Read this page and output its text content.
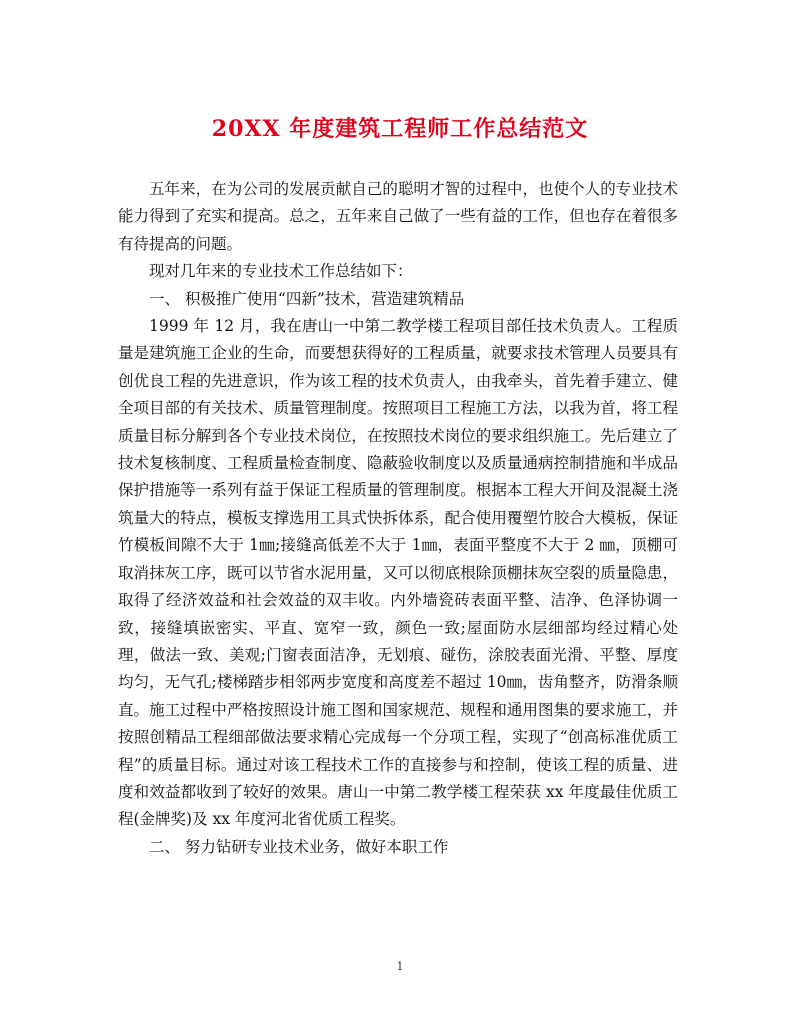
20XX 年度建筑工程师工作总结范文

五年来，在为公司的发展贡献自己的聪明才智的过程中，也使个人的专业技术能力得到了充实和提高。总之，五年来自己做了一些有益的工作，但也存在着很多有待提高的问题。

现对几年来的专业技术工作总结如下：

一、 积极推广使用“四新”技术，营造建筑精品

1999 年 12 月，我在唐山一中第二教学楼工程项目部任技术负责人。工程质量是建筑施工企业的生命，而要想获得好的工程质量，就要求技术管理人员要具有创优良工程的先进意识，作为该工程的技术负责人，由我牵头，首先着手建立、健全项目部的有关技术、质量管理制度。按照项目工程施工方法，以我为首，将工程质量目标分解到各个专业技术岗位，在按照技术岗位的要求组织施工。先后建立了技术复核制度、工程质量检查制度、隐蔽验收制度以及质量通病控制措施和半成品保护措施等一系列有益于保证工程质量的管理制度。根据本工程大开间及混凝土浇筑量大的特点，模板支撑选用工具式快拆体系，配合使用覆塑竹胶合大模板，保证竹模板间隙不大于 1㎜;接缝高低差不大于 1㎜，表面平整度不大于 2 ㎜，顶棚可取消抹灰工序，既可以节省水泥用量，又可以彻底根除顶棚抹灰空裂的质量隐患，取得了经济效益和社会效益的双丰收。内外墙瓷砖表面平整、洁净、色泽协调一致，接缝填嵌密实、平直、宽窄一致，颜色一致;屋面防水层细部均经过精心处理，做法一致、美观;门窗表面洁净，无划痕、碰伤，涂胶表面光滑、平整、厚度均匀，无气孔;楼梯踏步相邻两步宽度和高度差不超过 10㎜，齿角整齐，防滑条顺直。施工过程中严格按照设计施工图和国家规范、规程和通用图集的要求施工，并按照创精品工程细部做法要求精心完成每一个分项工程，实现了“创高标准优质工程”的质量目标。通过对该工程技术工作的直接参与和控制，使该工程的质量、进度和效益都收到了较好的效果。唐山一中第二教学楼工程荣获 xx 年度最佳优质工程(金牌奖)及 xx 年度河北省优质工程奖。

二、 努力钻研专业技术业务，做好本职工作

1
